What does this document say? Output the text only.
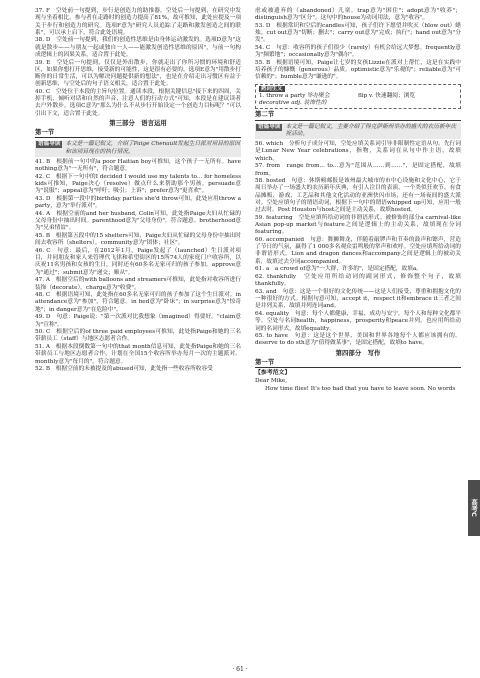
37. F　空处前一句提到，步行是创造力的助推器。空处后一句提到，在研究中发现与坐着相比，参与者在走路时的创造力提高了81%，故可推知，此处应提及一项关于步行和创造力的研究。选项F意为"研究人员追踪了走路和激发创造之间的联系"，可以承上启下，符合此处语境。

38. D　空处前一句提到，我们的创造性思维是由身体运动激发的。选项D意为"这就是散步——与朋友一起或独自一人——能激发创造性思维的原因"，与前一句构成逻辑上的因果关系，适合置于此处。

39. E　空处后一句提到，仅仅是外出散步，你就走出了你所习惯的环境和舒适区，如果你想打开思维，接受新的可能性，这是很有必要的。选项E意为"用散步打断你的日常生活，可以为解决问题提供新的想法"，也是在介绍走出习惯区有益于创新思维，与空处后的句子语义相关，适合置于此处。

40. C　空处位于本段的主旨句位置。通读本段，根据关键信息"接下来的四周，关掉手机，倾听对话和自然的声音，注意人们的行动方式"可知，本段是在建议读者去户外散步。选项C意为"那么为什么不从步行开始设定一个创造力目标呢？"可以引出下文，适合置于此处。

第三部分　语言运用
第一节
语篇导读 本文是一篇记叙文，介绍了Paige Chenault发起生日派对项目的原因和该项目现在的执行情况。

41. B　根据前一句中的a poor Haitian boy可推知，这个孩子一无所有。have nothing意为"一无所有"，符合题意。

42. C　根据下一句中的I decided I would use my talents to... for homeless kids可推知，Paige决心（resolve）做点什么来帮助那个男孩。persuade意为"说服"；appeal意为"呼吁；吸引；上诉"；prefer意为"更喜欢"。

43. D　根据第一段中的birthday parties she'd throw可知，此处应用throw a party，意为"举行派对"。

44. A　根据空前的and her husband, Colin可知，此处指Paige夫妇从忙碌的父母身份中抽出时间。parenthood意为"父母身份"，符合题意。brotherhood意为"兄弟情谊"。

45. B　根据第五段中的15 shelters可知，Paige夫妇从忙碌的父母身份中抽出时间去收容所（shelters）。community意为"团体；社区"。

46. C　句意：最后，在2012年1月，Paige发起了（launched）生日派对项目，并同朋友和家人来管理代飞律和希望街区的15所74人的家庭门户收容所，以庆祝11名男孩和女孩的生日，同时还有60多名无家可归的孩子参加。approve意为"通过"；submit意为"递交；顺从"。

47. A　根据空后的with balloons and streamers可推知，此处指对收容所进行装饰（decorate）。charge意为"收费"。

48. C　根据语境可知，此处指在60多名无家可归的孩子参加了这个生日派对。in attendance意为"参加"，符合题意。in bed意为"卧床"；in surprise意为"惊奇地"；in danger意为"在危险中"。

49. D　句意：Paige说："第一次派对比我想象（imagined）得要好。"claim意为"宣称"。

50. C　根据空后的of three paid employees可推知，此处指Paige和她的三名带薪员工（staff）与地区志愿者合作。

51. A　根据本段倒数第一句中的that month信息可知，此处指Paige和她的三名带薪员工与地区志愿者合作，计划在全国15个收容所举办每月一次的主题派对。monthly意为"每月的"，符合题意。

52. B　根据空前的未被提及的abused可知，此处指一些收容所收容受

虐或被遗弃的（abandoned）儿童。trap意为"困住"；adopt意为"收养"；distinguish意为"区分"。这句中的house为动词用法，意为"收容"。

53. D　根据常识和空后的candles可知，孩子们许下愿望并吹灭（blow out）蜡烛。cut out意为"切断；删去"；carry out意为"完成；执行"；hand out意为"分发"。

54. C　句意：收容所的孩子们很少（rarely）有机会给远大梦想。frequently意为"频繁地"；occasionally意为"偶尔"。

55. B　根据语境可知，Paige让七岁的女孩Lizzie在派对上帮忙，这是在实践中培养孩子的慷慨（generous）品质。optimistic意为"乐观的"；reliable意为"可信赖的"；humble意为"谦逊的"。

熟词生义
1. throw a party 举办聚会	flip v. 快速翻阅；浏览
decorative adj. 装饰性的
第二节
语篇导读 本文是一篇记叙文，主要介绍了得克萨斯州举办的盛大的农历新年庆祝活动。

56. which　分析句子成分可知，空处应填关系词引导非限制性定语从句。先行词是Lunar New Year celebrations，指物，关系词在从句中作主语，故填which。

57. from　range from... to...意为"范围从……到……"，是固定搭配，故填from。

58. hosted　句意：休斯顿邮报是该州最大城市的市中心设施和文化中心，它于周日举办了一场盛大的农历新年庆典，有引人注目的表演，一个类似狂欢节、有食品摊贩、游戏、工艺品和其他文化活动的亚洲快闪市场，还有一场夜间的盛大派对。空处应填句子的谓语动词，根据下一句中的谓语whipped up可知，应用一般过去时。Post Houston与host之间是主动关系，故填hosted。

59. featuring　空处应填所给动词的非谓语形式。被修饰的部分a carnival-like Asian pop-up market与feature之间是逻辑上的主动关系，故填现在分词featuring。

60. accompanied　句意：舞狮舞龙，伴随着敲锣声和节奏的鼓声和镲声，营造了节日的气氛，赢得了1 000多名观众雷鸣般的掌声和欢呼。空处应填所给动词的非谓语形式。Lion and dragon dances和accompany之间是逻辑上的被动关系，故填过去分词accompanied。

61. a　a crowd of意为"一大群，许多的"，是固定搭配，故填a。

62. thankfully　空处应用所给动词的副词形式，修饰整个句子，故填thankfully。

63. and　句意：这是一个很好的文化传统——这是人们接受、尊重和拥抱文化的一种很好的方式。根据句意可知，accept it，respect it和embrace it三者之间是并列关系，故填并列连词and。

64. equality　句意：每个人都健康、幸福、成功与安宁，每个人和每种文化都平等。空处与名词health，happiness，prosperity和peace并列，也应用所给动词的名词形式，故填equality。

65. to have　句意：这是这个世界、美国和世界各地每个人都应该拥有的。deserve to do sth意为"值得做某事"，是固定搭配，故填to have。

第四部分　写作
第一节
【参考范文】

Dear Mike,

How time flies! It's too bad that you have to leave soon. No words

高考C
· 61 ·
